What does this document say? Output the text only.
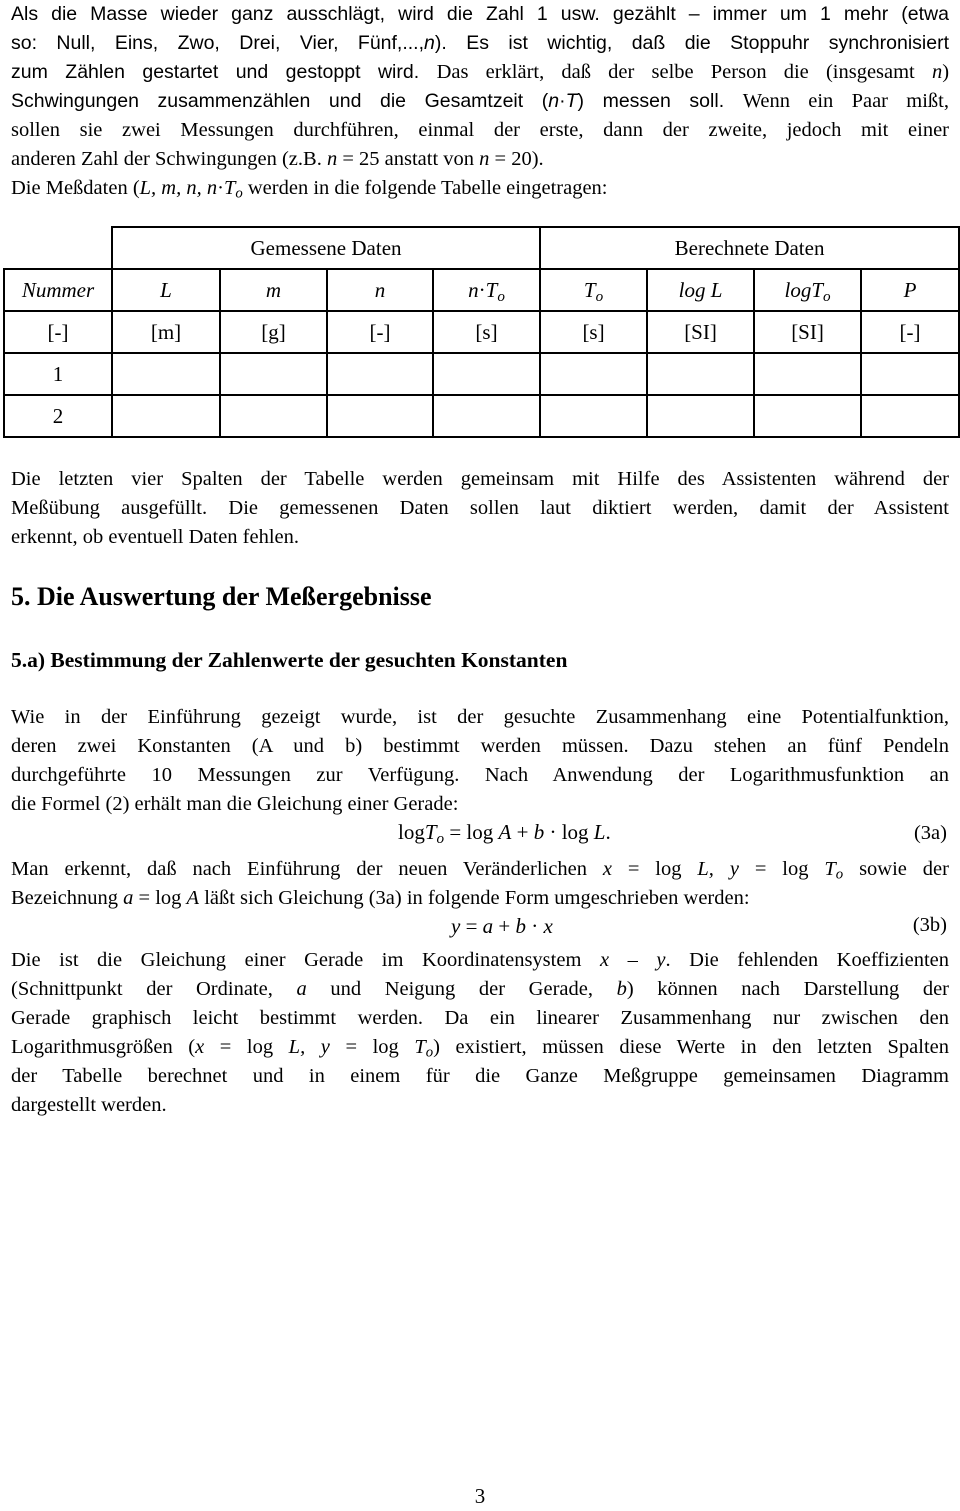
Als die Masse wieder ganz ausschlägt, wird die Zahl 1 usw. gezählt – immer um 1 mehr (etwa
so: Null, Eins, Zwo, Drei, Vier, Fünf,...,n). Es ist wichtig, daß die Stoppuhr synchronisiert
zum Zählen gestartet und gestoppt wird. Das erklärt, daß der selbe Person die (insgesamt n)
Schwingungen zusammenzählen und die Gesamtzeit (n·T) messen soll. Wenn ein Paar mißt,
sollen sie zwei Messungen durchführen, einmal der erste, dann der zweite, jedoch mit einer
anderen Zahl der Schwingungen (z.B. n = 25 anstatt von n = 20).
Die Meßdaten (L, m, n, $n\cdot T_o$ werden in die folgende Tabelle eingetragen:
	Gemessene Daten				Berechnete Daten			
Nummer	L	m	n	$n\cdot T_o$	$T_o$	log L	logT$_o$	P
[-]	[m]	[g]	[-]	[s]	[s]	[SI]	[SI]	[-]
1								
2								
Die letzten vier Spalten der Tabelle werden gemeinsam mit Hilfe des Assistenten während der
Meßübung ausgefüllt. Die gemessenen Daten sollen laut diktiert werden, damit der Assistent
erkennt, ob eventuell Daten fehlen.
5. Die Auswertung der Meßergebnisse
5.a) Bestimmung der Zahlenwerte der gesuchten Konstanten
Wie in der Einführung gezeigt wurde, ist der gesuchte Zusammenhang eine Potentialfunktion,
deren zwei Konstanten (A und b) bestimmt werden müssen. Dazu stehen an fünf Pendeln
durchgeführte 10 Messungen zur Verfügung. Nach Anwendung der Logarithmusfunktion an
die Formel (2) erhält man die Gleichung einer Gerade:
logT$_o$ = log A + b · log L.	(3a)
Man erkennt, daß nach Einführung der neuen Veränderlichen x = log L, $y = \log T_o$ sowie der
Bezeichnung a = log A läßt sich Gleichung (3a) in folgende Form umgeschrieben werden:
y = a + b · x	(3b)
Die ist die Gleichung einer Gerade im Koordinatensystem x – y. Die fehlenden Koeffizienten
(Schnittpunkt der Ordinate, a und Neigung der Gerade, b) können nach Darstellung der
Gerade graphisch leicht bestimmt werden. Da ein linearer Zusammenhang nur zwischen den
Logarithmusgrößen (x = log L, $y = \log T_o$) existiert, müssen diese Werte in den letzten Spalten
der Tabelle berechnet und in einem für die Ganze Meßgruppe gemeinsamen Diagramm
dargestellt werden.
3
